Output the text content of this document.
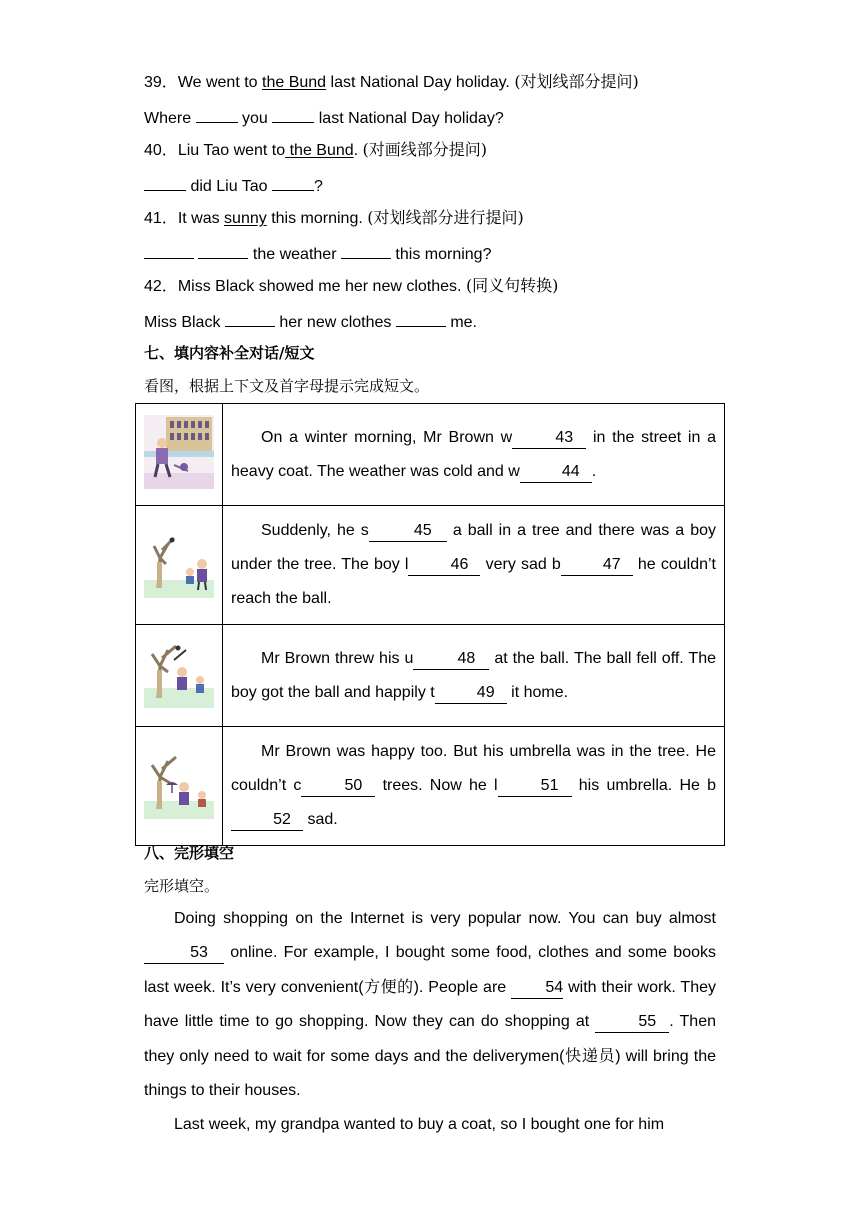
39．We went to the Bund last National Day holiday. (对划线部分提问)
Where	you	last National Day holiday?
40．Liu Tao went to the Bund. (对画线部分提问)
did Liu Tao	?
41．It was sunny this morning. (对划线部分进行提问)
the weather	this morning?
42．Miss Black showed me her new clothes. (同义句转换)
Miss Black	her new clothes	me.
七、填内容补全对话/短文
看图，根据上下文及首字母提示完成短文。

On a winter morning, Mr Brown w 43 in the street in a heavy coat. The weather was cold and w 44 .

Suddenly, he s 45 a ball in a tree and there was a boy under the tree. The boy l 46 very sad b 47 he couldn’t reach the ball.

Mr Brown threw his u 48 at the ball. The ball fell off. The boy got the ball and happily t 49 it home.

Mr Brown was happy too. But his umbrella was in the tree. He couldn’t c 50 trees. Now he l 51 his umbrella. He b52 sad.
八、完形填空
完形填空。

Doing shopping on the Internet is very popular now. You can buy almost 53 online. For example, I bought some food, clothes and some books last week. It’s very convenient(方便的). People are 54 with their work. They have little time to go shopping. Now they can do shopping at	55 . Then they only need to wait for some days and the deliverymen(快递员) will bring the things to their houses.

Last week, my grandpa wanted to buy a coat, so I bought one for him
